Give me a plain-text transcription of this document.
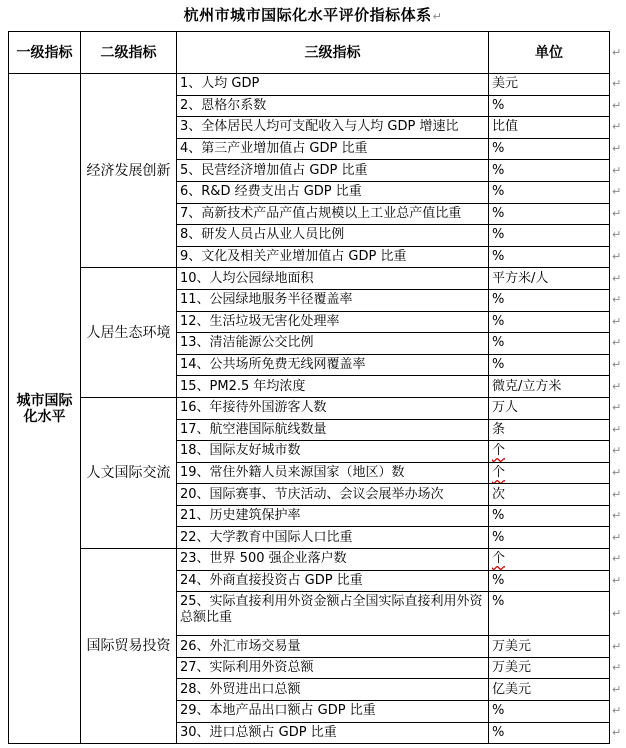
杭州市城市国际化水平评价指标体系↵
一级指标	二级指标	三级指标	单位
城市国际化水平	经济发展创新	1、人均 GDP	美元
		2、恩格尔系数	%
		3、全体居民人均可支配收入与人均 GDP 增速比	比值
		4、第三产业增加值占 GDP 比重	%
		5、民营经济增加值占 GDP 比重	%
		6、R&D 经费支出占 GDP 比重	%
		7、高新技术产品产值占规模以上工业总产值比重	%
		8、研发人员占从业人员比例	%
		9、文化及相关产业增加值占 GDP 比重	%
	人居生态环境	10、人均公园绿地面积	平方米/人
		11、公园绿地服务半径覆盖率	%
		12、生活垃圾无害化处理率	%
		13、清洁能源公交比例	%
		14、公共场所免费无线网覆盖率	%
		15、PM2.5 年均浓度	微克/立方米
	人文国际交流	16、年接待外国游客人数	万人
		17、航空港国际航线数量	条
		18、国际友好城市数	个
		19、常住外籍人员来源国家（地区）数	个
		20、国际赛事、节庆活动、会议会展举办场次	次
		21、历史建筑保护率	%
		22、大学教育中国际人口比重	%
	国际贸易投资	23、世界 500 强企业落户数	个
		24、外商直接投资占 GDP 比重	%
		25、实际直接利用外资金额占全国实际直接利用外资总额比重	%
		26、外汇市场交易量	万美元
		27、实际利用外资总额	万美元
		28、外贸进出口总额	亿美元
		29、本地产品出口额占 GDP 比重	%
		30、进口总额占 GDP 比重	%
↵
↵
↵
↵
↵
↵
↵
↵
↵
↵
↵
↵
↵
↵
↵
↵
↵
↵
↵
↵
↵
↵
↵
↵
↵
↵
↵
↵
↵
↵
↵
